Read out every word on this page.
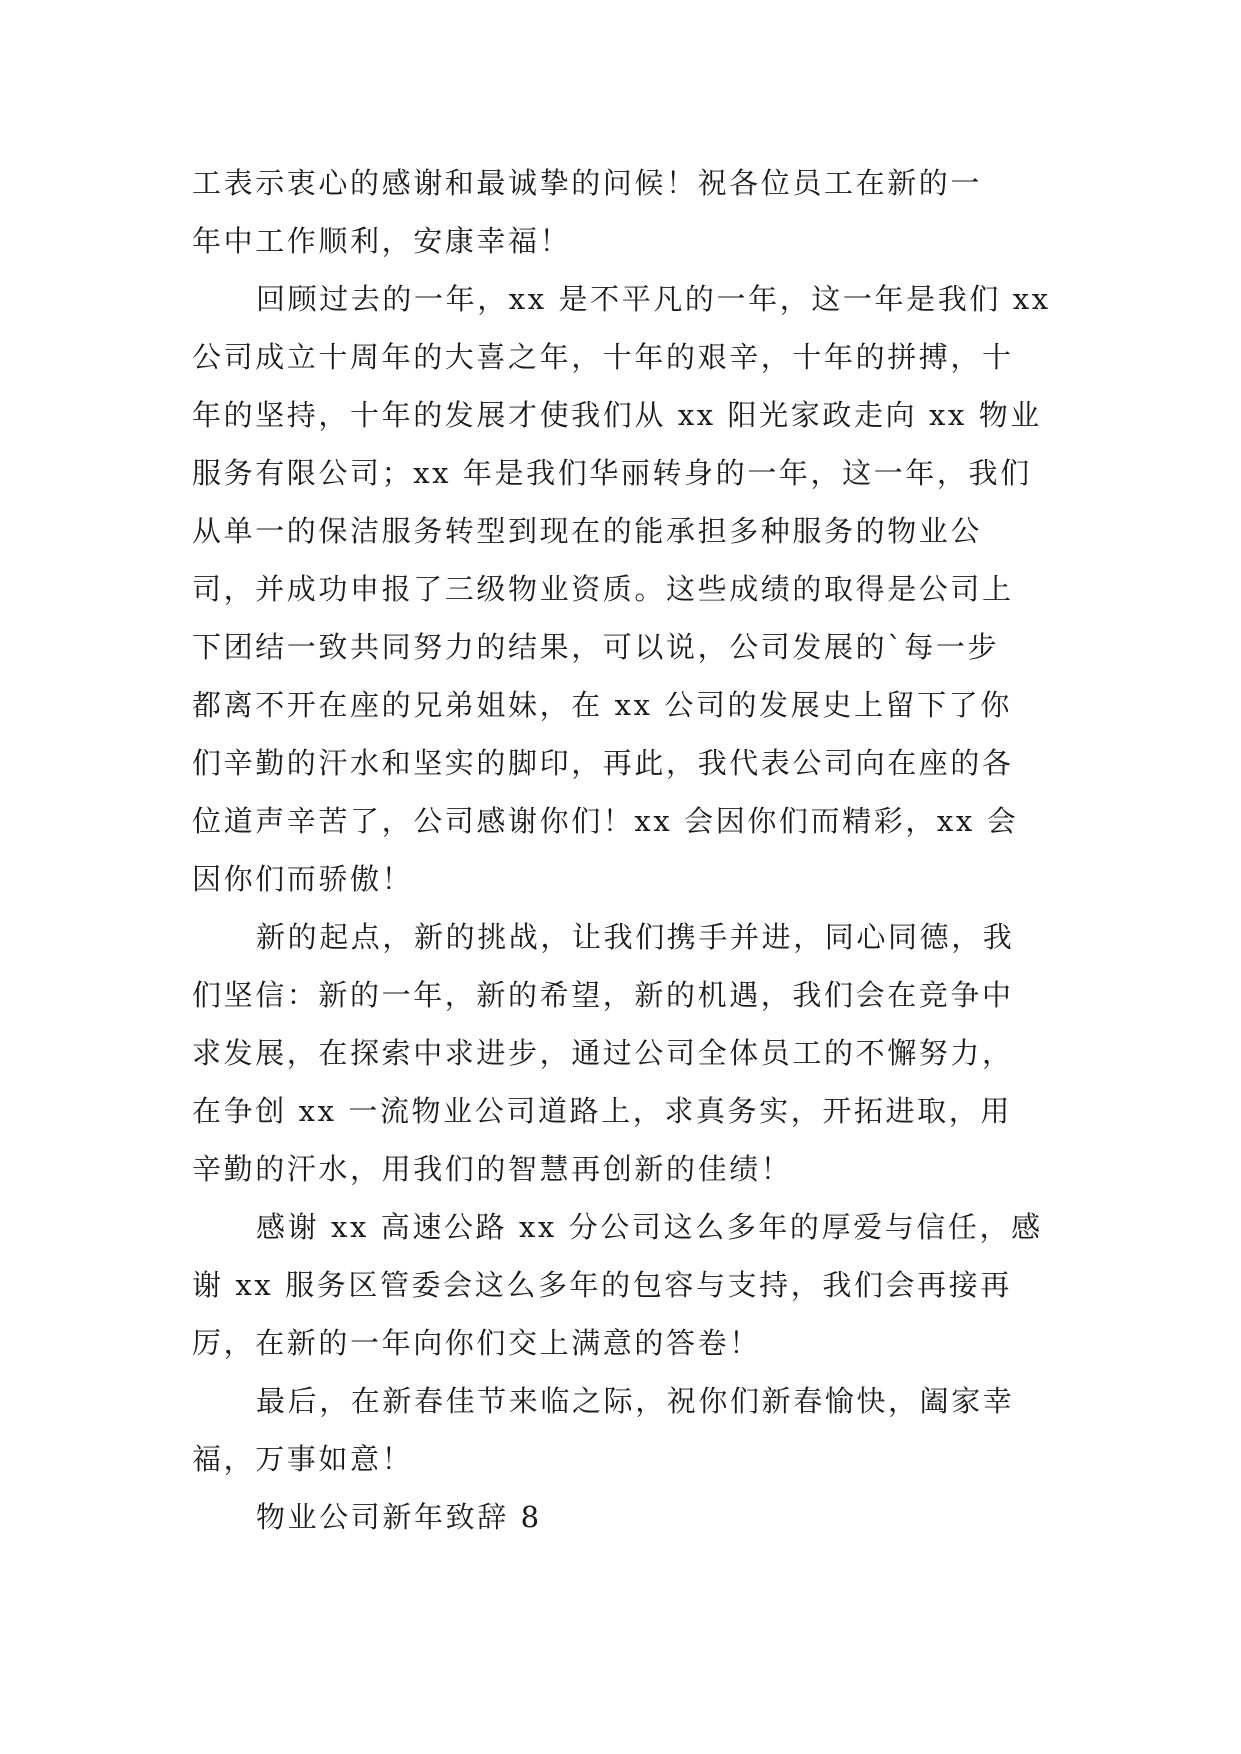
工表示衷心的感谢和最诚挚的问候！祝各位员工在新的一
年中工作顺利，安康幸福！
回顾过去的一年，xx 是不平凡的一年，这一年是我们 xx
公司成立十周年的大喜之年，十年的艰辛，十年的拼搏，十
年的坚持，十年的发展才使我们从 xx 阳光家政走向 xx 物业
服务有限公司；xx 年是我们华丽转身的一年，这一年，我们
从单一的保洁服务转型到现在的能承担多种服务的物业公
司，并成功申报了三级物业资质。这些成绩的取得是公司上
下团结一致共同努力的结果，可以说，公司发展的`每一步
都离不开在座的兄弟姐妹，在 xx 公司的发展史上留下了你
们辛勤的汗水和坚实的脚印，再此，我代表公司向在座的各
位道声辛苦了，公司感谢你们！xx 会因你们而精彩，xx 会
因你们而骄傲！
新的起点，新的挑战，让我们携手并进，同心同德，我
们坚信：新的一年，新的希望，新的机遇，我们会在竞争中
求发展，在探索中求进步，通过公司全体员工的不懈努力，
在争创 xx 一流物业公司道路上，求真务实，开拓进取，用
辛勤的汗水，用我们的智慧再创新的佳绩！
感谢 xx 高速公路 xx 分公司这么多年的厚爱与信任，感
谢 xx 服务区管委会这么多年的包容与支持，我们会再接再
厉，在新的一年向你们交上满意的答卷！
最后，在新春佳节来临之际，祝你们新春愉快，阖家幸
福，万事如意！
物业公司新年致辞 8
